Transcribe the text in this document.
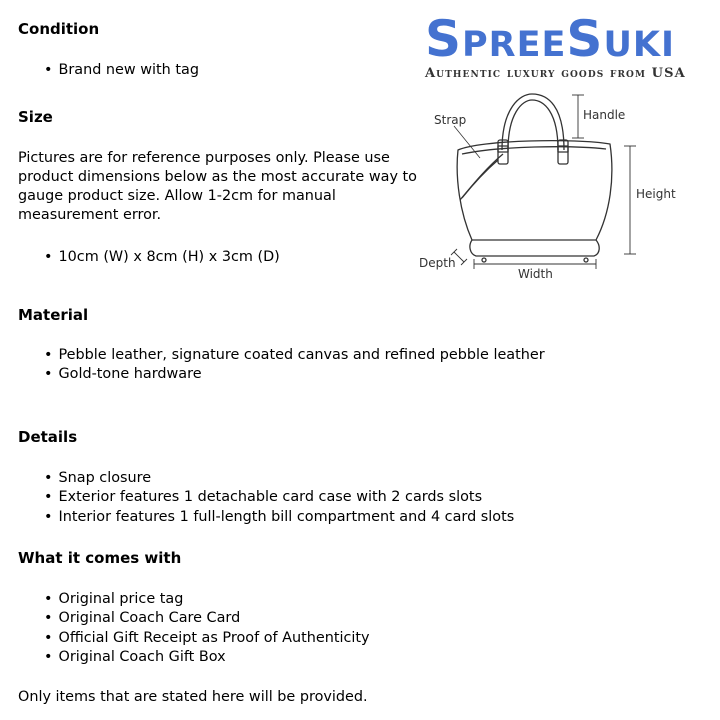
SpreeSuki
Authentic luxury goods from USA
Condition
• Brand new with tag
Size
Pictures are for reference purposes only. Please use
product dimensions below as the most accurate way to
gauge product size. Allow 1-2cm for manual
measurement error.
• 10cm (W) x 8cm (H) x 3cm (D)
Strap	Handle
Height
Depth
Width
Material
• Pebble leather, signature coated canvas and refined pebble leather
• Gold-tone hardware
Details
• Snap closure
• Exterior features 1 detachable card case with 2 cards slots
• Interior features 1 full-length bill compartment and 4 card slots
What it comes with
• Original price tag
• Original Coach Care Card
• Official Gift Receipt as Proof of Authenticity
• Original Coach Gift Box
Only items that are stated here will be provided.
